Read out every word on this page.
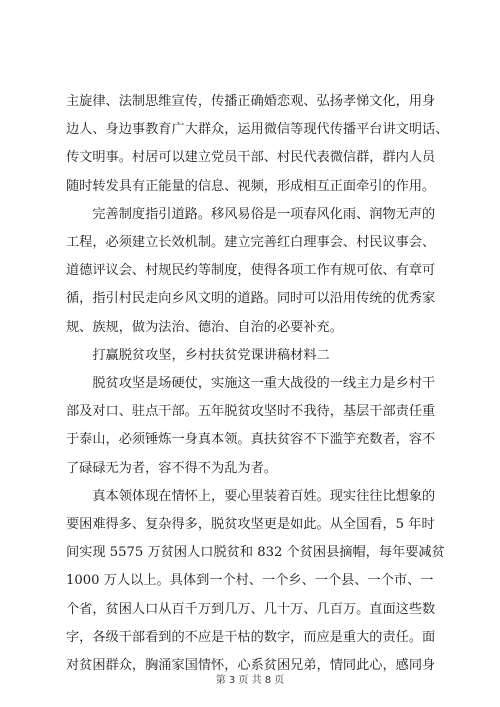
主旋律、法制思维宣传，传播正确婚恋观、弘扬孝悌文化，用身
边人、身边事教育广大群众，运用微信等现代传播平台讲文明话、
传文明事。村居可以建立党员干部、村民代表微信群，群内人员
随时转发具有正能量的信息、视频，形成相互正面牵引的作用。

　　完善制度指引道路。移风易俗是一项春风化雨、润物无声的
工程，必须建立长效机制。建立完善红白理事会、村民议事会、
道德评议会、村规民约等制度，使得各项工作有规可依、有章可
循，指引村民走向乡风文明的道路。同时可以沿用传统的优秀家
规、族规，做为法治、德治、自治的必要补充。

　　打赢脱贫攻坚，乡村扶贫党课讲稿材料二

　　脱贫攻坚是场硬仗，实施这一重大战役的一线主力是乡村干
部及对口、驻点干部。五年脱贫攻坚时不我待，基层干部责任重
于泰山，必须锤炼一身真本领。真扶贫容不下滥竽充数者，容不
了碌碌无为者，容不得不为乱为者。

　　真本领体现在情怀上，要心里装着百姓。现实往往比想象的
要困难得多、复杂得多，脱贫攻坚更是如此。从全国看，5 年时
间实现 5575 万贫困人口脱贫和 832 个贫困县摘帽，每年要减贫
1000 万人以上。具体到一个村、一个乡、一个县、一个市、一
个省，贫困人口从百千万到几万、几十万、几百万。直面这些数
字，各级干部看到的不应是干枯的数字，而应是重大的责任。面
对贫困群众，胸涌家国情怀，心系贫困兄弟，情同此心，感同身

第 3 页 共 8 页
